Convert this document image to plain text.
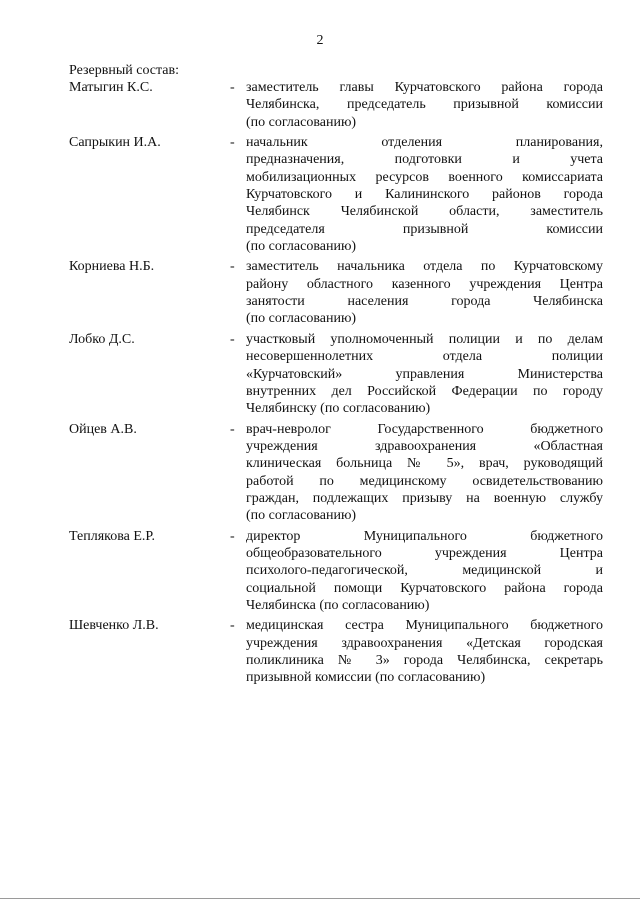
2
Резервный состав:
Матыгин К.С.	- заместитель главы Курчатовского района города
Челябинска, председатель призывной комиссии
(по согласованию)
Сапрыкин И.А.	- начальник отделения планирования,
предназначения, подготовки и учета
мобилизационных ресурсов военного комиссариата
Курчатовского и Калининского районов города
Челябинск Челябинской области, заместитель
председателя призывной комиссии
(по согласованию)
Корниева Н.Б.	- заместитель начальника отдела по Курчатовскому
району областного казенного учреждения Центра
занятости населения города Челябинска
(по согласованию)
Лобко Д.С.	- участковый уполномоченный полиции и по делам
несовершеннолетних отдела полиции
«Курчатовский» управления Министерства
внутренних дел Российской Федерации по городу
Челябинску (по согласованию)
Ойцев А.В.	- врач-невролог Государственного бюджетного
учреждения здравоохранения «Областная
клиническая больница № 5», врач, руководящий
работой по медицинскому освидетельствованию
граждан, подлежащих призыву на военную службу
(по согласованию)
Теплякова Е.Р.	- директор Муниципального бюджетного
общеобразовательного учреждения Центра
психолого-педагогической, медицинской и
социальной помощи Курчатовского района города
Челябинска (по согласованию)
Шевченко Л.В.	- медицинская сестра Муниципального бюджетного
учреждения здравоохранения «Детская городская
поликлиника № 3» города Челябинска, секретарь
призывной комиссии (по согласованию)
